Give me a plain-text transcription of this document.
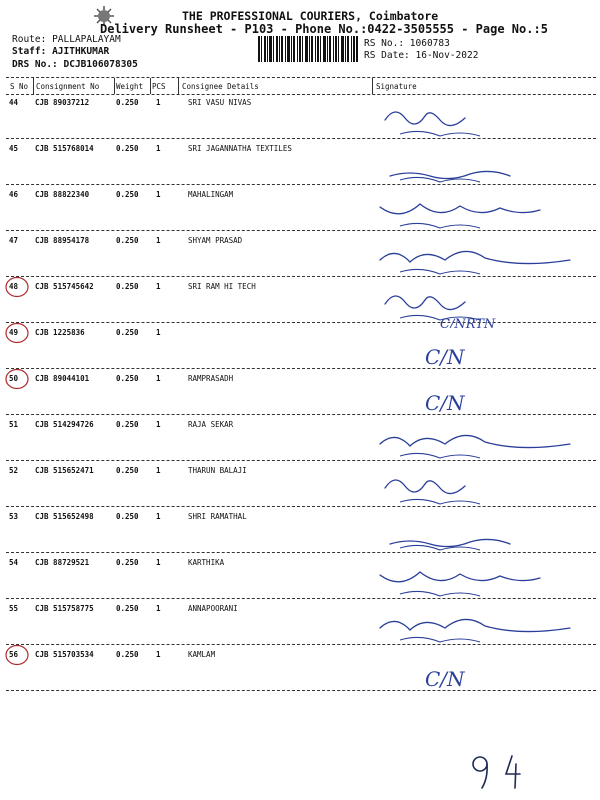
THE PROFESSIONAL COURIERS, Coimbatore
Delivery Runsheet - P103 - Phone No.:0422-3505555 - Page No.:5
Route: PALLAPALAYAM
Staff: AJITHKUMAR
DRS No.: DCJB106078305
RS No.: 1060783
RS Date: 16-Nov-2022
S No Consignment No Weight PCS Consignee Details	Signature
44 CJB 89037212	0.250 1	SRI VASU NIVAS
45 CJB 515768014	0.250 1	SRI JAGANNATHA TEXTILES
46 CJB 88822340	0.250 1	MAHALINGAM
47 CJB 88954178	0.250 1	SHYAM PRASAD
48 CJB 515745642	0.250 1	SRI RAM HI TECH
C/NRTN
49 CJB 1225836	0.250 1
C/N
50 CJB 89044101	0.250 1	RAMPRASADH
C/N
51 CJB 514294726	0.250 1	RAJA SEKAR
52 CJB 515652471	0.250 1	THARUN BALAJI
53 CJB 515652498	0.250 1	SHRI RAMATHAL
54 CJB 88729521	0.250 1	KARTHIKA
55 CJB 515758775	0.250 1	ANNAPOORANI
56 CJB 515703534	0.250 1	KAMLAM
C/N
